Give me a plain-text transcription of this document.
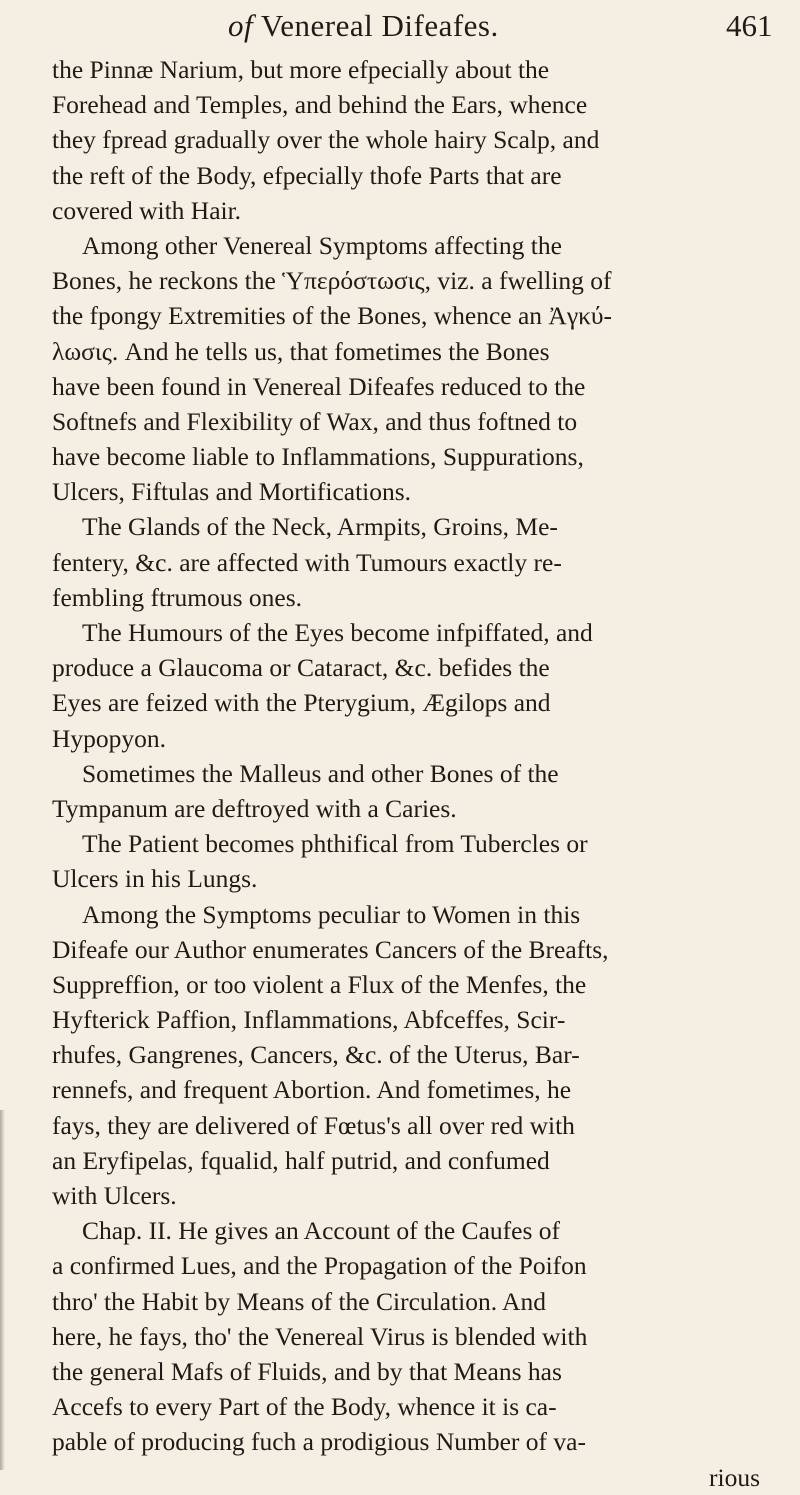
of Venereal Difeafes.	461
the Pinnæ Narium, but more efpecially about the
Forehead and Temples, and behind the Ears, whence
they fpread gradually over the whole hairy Scalp, and
the reft of the Body, efpecially thofe Parts that are
covered with Hair.
Among other Venereal Symptoms affecting the
Bones, he reckons the Ὑπερόστωσις, viz. a fwelling of
the fpongy Extremities of the Bones, whence an Ἀγκύ-
λωσις. And he tells us, that fometimes the Bones
have been found in Venereal Difeafes reduced to the
Softnefs and Flexibility of Wax, and thus foftned to
have become liable to Inflammations, Suppurations,
Ulcers, Fiftulas and Mortifications.
The Glands of the Neck, Armpits, Groins, Me-
fentery, &c. are affected with Tumours exactly re-
fembling ftrumous ones.
The Humours of the Eyes become infpiffated, and
produce a Glaucoma or Cataract, &c. befides the
Eyes are feized with the Pterygium, Ægilops and
Hypopyon.
Sometimes the Malleus and other Bones of the
Tympanum are deftroyed with a Caries.
The Patient becomes phthifical from Tubercles or
Ulcers in his Lungs.
Among the Symptoms peculiar to Women in this
Difeafe our Author enumerates Cancers of the Breafts,
Suppreffion, or too violent a Flux of the Menfes, the
Hyfterick Paffion, Inflammations, Abfceffes, Scir-
rhufes, Gangrenes, Cancers, &c. of the Uterus, Bar-
rennefs, and frequent Abortion. And fometimes, he
fays, they are delivered of Fœtus's all over red with
an Eryfipelas, fqualid, half putrid, and confumed
with Ulcers.
Chap. II. He gives an Account of the Caufes of
a confirmed Lues, and the Propagation of the Poifon
thro' the Habit by Means of the Circulation. And
here, he fays, tho' the Venereal Virus is blended with
the general Mafs of Fluids, and by that Means has
Accefs to every Part of the Body, whence it is ca-
pable of producing fuch a prodigious Number of va-
rious
